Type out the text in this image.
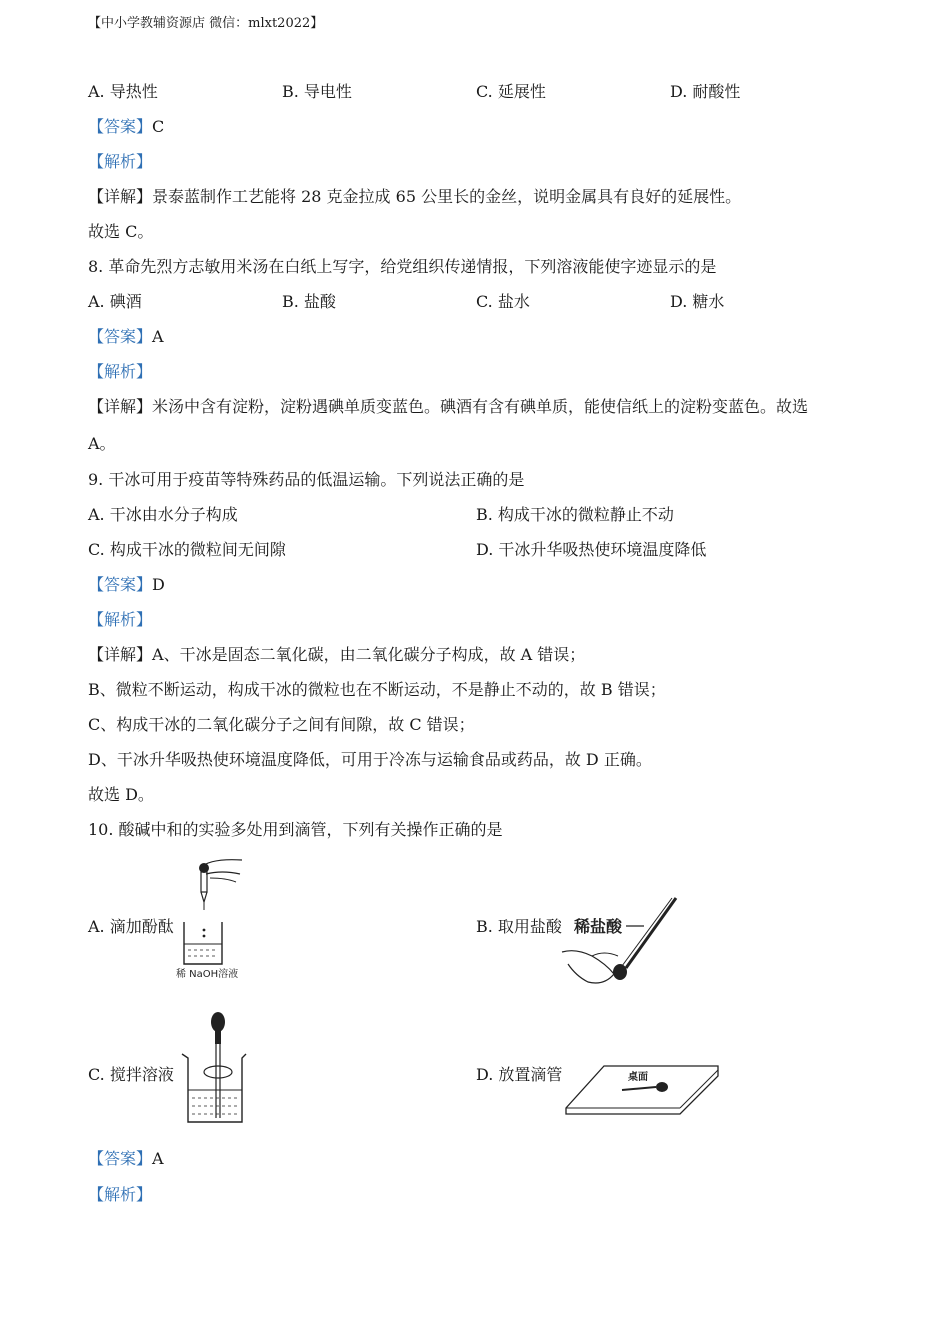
【中小学教辅资源店 微信：mlxt2022】
A. 导热性	B. 导电性	C. 延展性	D. 耐酸性
【答案】C
【解析】
【详解】景泰蓝制作工艺能将 28 克金拉成 65 公里长的金丝，说明金属具有良好的延展性。
故选 C。
8. 革命先烈方志敏用米汤在白纸上写字，给党组织传递情报，下列溶液能使字迹显示的是
A. 碘酒	B. 盐酸	C. 盐水	D. 糖水
【答案】A
【解析】
【详解】米汤中含有淀粉，淀粉遇碘单质变蓝色。碘酒有含有碘单质，能使信纸上的淀粉变蓝色。故选
A。
9. 干冰可用于疫苗等特殊药品的低温运输。下列说法正确的是
A. 干冰由水分子构成	B. 构成干冰的微粒静止不动
C. 构成干冰的微粒间无间隙	D. 干冰升华吸热使环境温度降低
【答案】D
【解析】
【详解】A、干冰是固态二氧化碳，由二氧化碳分子构成，故 A 错误；
B、微粒不断运动，构成干冰的微粒也在不断运动，不是静止不动的，故 B 错误；
C、构成干冰的二氧化碳分子之间有间隙，故 C 错误；
D、干冰升华吸热使环境温度降低，可用于冷冻与运输食品或药品，故 D 正确。
故选 D。
10. 酸碱中和的实验多处用到滴管，下列有关操作正确的是
A. 滴加酚酞
稀 NaOH溶液
B. 取用盐酸 稀盐酸
C. 搅拌溶液	D. 放置滴管	桌面
【答案】A
【解析】
